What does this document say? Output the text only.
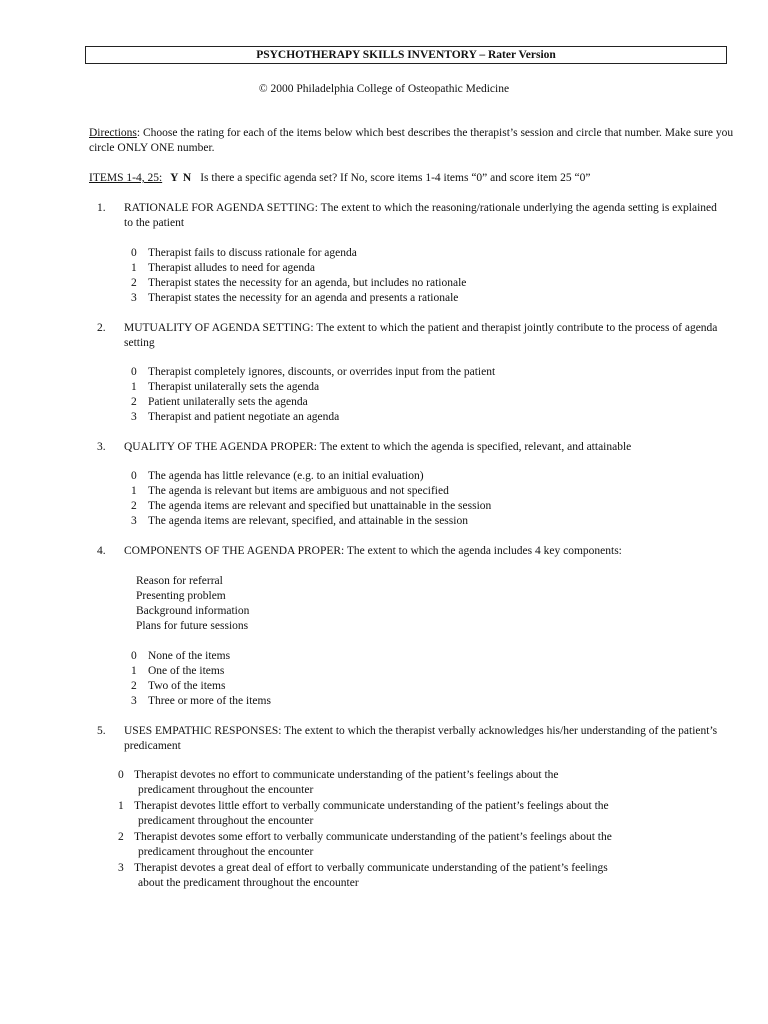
PSYCHOTHERAPY SKILLS INVENTORY – Rater Version
© 2000 Philadelphia College of Osteopathic Medicine
Directions: Choose the rating for each of the items below which best describes the therapist’s session and circle that number. Make sure you circle ONLY ONE number.
ITEMS 1-4, 25: Y N Is there a specific agenda set? If No, score items 1-4 items “0” and score item 25 “0”
1. RATIONALE FOR AGENDA SETTING: The extent to which the reasoning/rationale underlying the agenda setting is explained to the patient
0 Therapist fails to discuss rationale for agenda
1 Therapist alludes to need for agenda
2 Therapist states the necessity for an agenda, but includes no rationale
3 Therapist states the necessity for an agenda and presents a rationale
2. MUTUALITY OF AGENDA SETTING: The extent to which the patient and therapist jointly contribute to the process of agenda setting
0 Therapist completely ignores, discounts, or overrides input from the patient
1 Therapist unilaterally sets the agenda
2 Patient unilaterally sets the agenda
3 Therapist and patient negotiate an agenda
3. QUALITY OF THE AGENDA PROPER: The extent to which the agenda is specified, relevant, and attainable
0 The agenda has little relevance (e.g. to an initial evaluation)
1 The agenda is relevant but items are ambiguous and not specified
2 The agenda items are relevant and specified but unattainable in the session
3 The agenda items are relevant, specified, and attainable in the session
4. COMPONENTS OF THE AGENDA PROPER: The extent to which the agenda includes 4 key components:
Reason for referral
Presenting problem
Background information
Plans for future sessions
0 None of the items
1 One of the items
2 Two of the items
3 Three or more of the items
5. USES EMPATHIC RESPONSES: The extent to which the therapist verbally acknowledges his/her understanding of the patient’s predicament
0 Therapist devotes no effort to communicate understanding of the patient’s feelings about the
predicament throughout the encounter
1 Therapist devotes little effort to verbally communicate understanding of the patient’s feelings about the
predicament throughout the encounter
2 Therapist devotes some effort to verbally communicate understanding of the patient’s feelings about the
predicament throughout the encounter
3 Therapist devotes a great deal of effort to verbally communicate understanding of the patient’s feelings
about the predicament throughout the encounter
